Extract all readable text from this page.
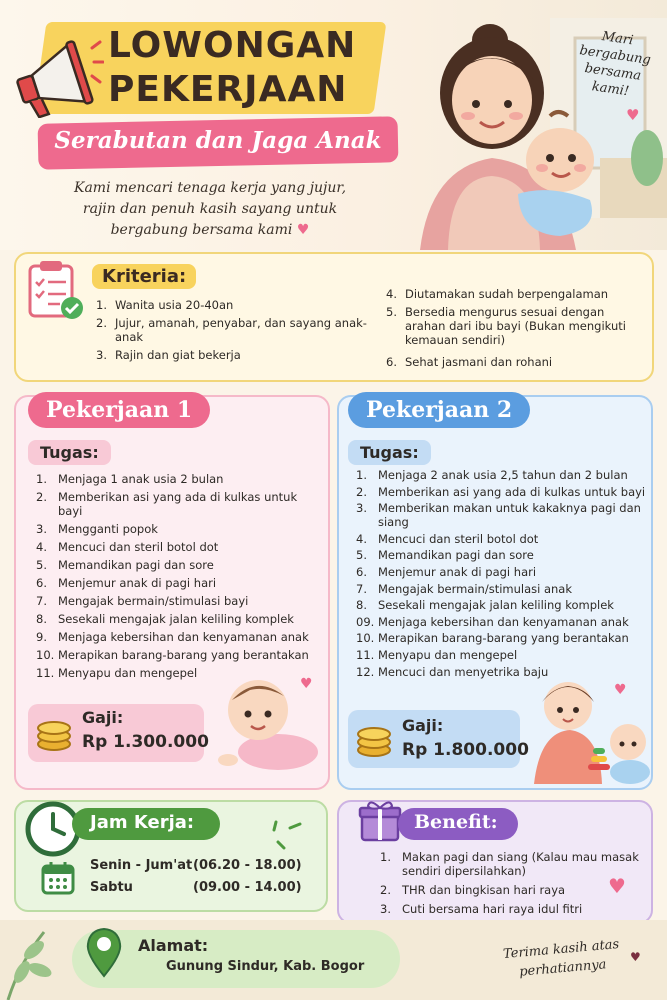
LOWONGAN
PEKERJAAN
Serabutan dan Jaga Anak
Kami mencari tenaga kerja yang jujur, rajin dan penuh kasih sayang untuk bergabung bersama kami ♥
Mari bergabung bersama kami!
♥
Kriteria:
1. Wanita usia 20-40an
2. Jujur, amanah, penyabar, dan sayang anak-anak
3. Rajin dan giat bekerja
4. Diutamakan sudah berpengalaman
5. Bersedia mengurus sesuai dengan arahan dari ibu bayi (Bukan mengikuti kemauan sendiri)
6. Sehat jasmani dan rohani
Pekerjaan 1
Tugas:
1. Menjaga 1 anak usia 2 bulan
2. Memberikan asi yang ada di kulkas untuk bayi
3. Mengganti popok
4. Mencuci dan steril botol dot
5. Memandikan pagi dan sore
6. Menjemur anak di pagi hari
7. Mengajak bermain/stimulasi bayi
8. Sesekali mengajak jalan keliling komplek
9. Menjaga kebersihan dan kenyamanan anak
10. Merapikan barang-barang yang berantakan
11. Menyapu dan mengepel
Gaji:
Rp 1.300.000
♥
Pekerjaan 2
Tugas:
1. Menjaga 2 anak usia 2,5 tahun dan 2 bulan
2. Memberikan asi yang ada di kulkas untuk bayi
3. Memberikan makan untuk kakaknya pagi dan siang
4. Mencuci dan steril botol dot
5. Memandikan pagi dan sore
6. Menjemur anak di pagi hari
7. Mengajak bermain/stimulasi anak
8. Sesekali mengajak jalan keliling komplek
09. Menjaga kebersihan dan kenyamanan anak
10. Merapikan barang-barang yang berantakan
11. Menyapu dan mengepel
12. Mencuci dan menyetrika baju
Gaji:
Rp 1.800.000
♥
Jam Kerja:
Senin - Jum'at (06.20 - 18.00)
Sabtu	(09.00 - 14.00)
Benefit:
1. Makan pagi dan siang (Kalau mau masak sendiri dipersilahkan)
2. THR dan bingkisan hari raya
3. Cuti bersama hari raya idul fitri
♥
Alamat:
Gunung Sindur, Kab. Bogor
Terima kasih atas perhatiannya
♥
